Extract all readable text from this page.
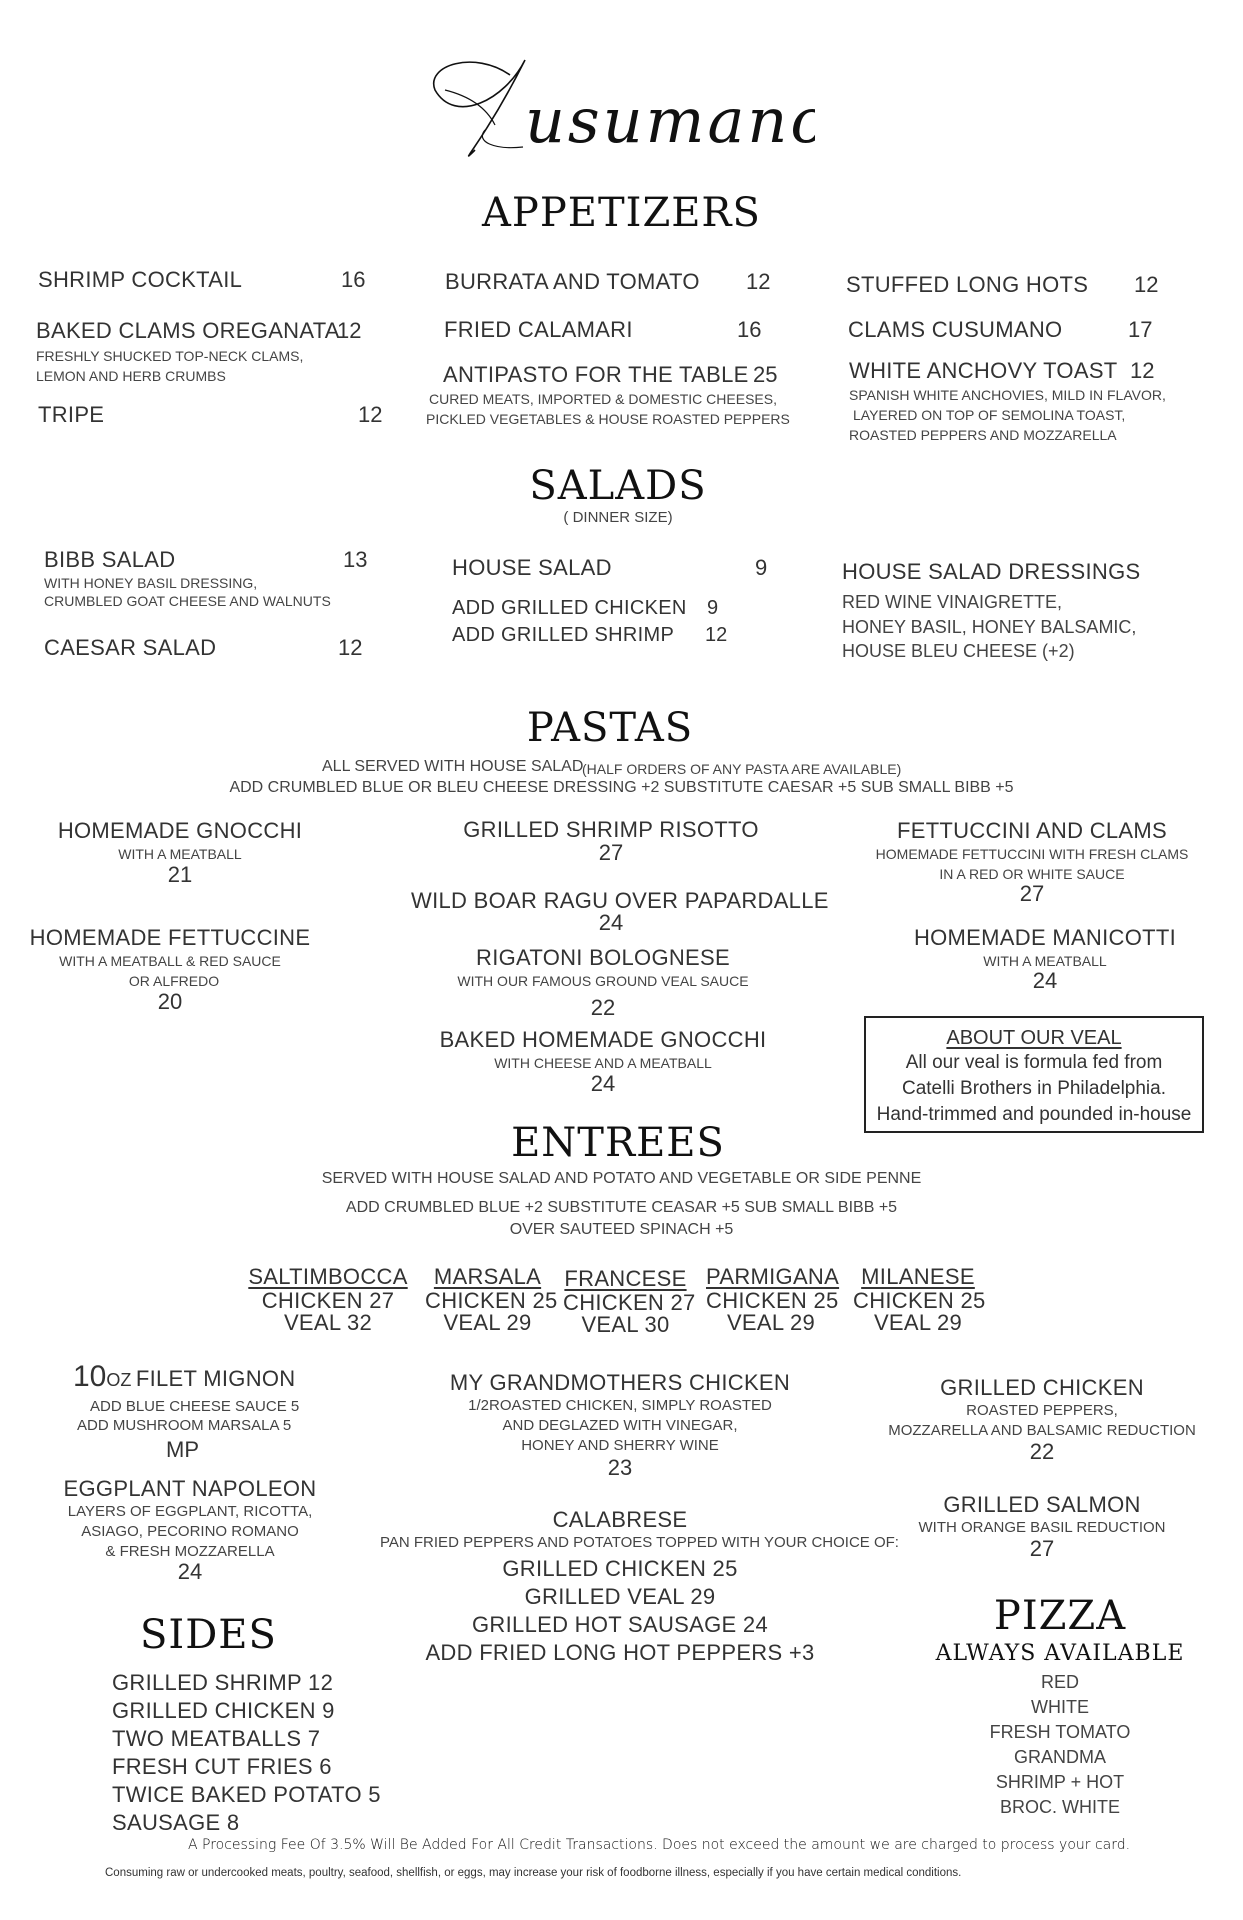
usumano
APPETIZERS
SHRIMP COCKTAIL	16
BAKED CLAMS OREGANATA
12
FRESHLY SHUCKED TOP-NECK CLAMS,
LEMON AND HERB CRUMBS
TRIPE	12
BURRATA AND TOMATO 12
FRIED CALAMARI	16
ANTIPASTO FOR THE TABLE 25
CURED MEATS, IMPORTED & DOMESTIC CHEESES,
PICKLED VEGETABLES & HOUSE ROASTED PEPPERS
STUFFED LONG HOTS 12
CLAMS CUSUMANO	17
WHITE ANCHOVY TOAST 12
SPANISH WHITE ANCHOVIES, MILD IN FLAVOR,
LAYERED ON TOP OF SEMOLINA TOAST,
ROASTED PEPPERS AND MOZZARELLA
SALADS
( DINNER SIZE)
BIBB SALAD	13
WITH HONEY BASIL DRESSING,
CRUMBLED GOAT CHEESE AND WALNUTS
CAESAR SALAD	12
HOUSE SALAD	9
ADD GRILLED CHICKEN 9
ADD GRILLED SHRIMP 12
HOUSE SALAD DRESSINGS
RED WINE VINAIGRETTE,
HONEY BASIL, HONEY BALSAMIC,
HOUSE BLEU CHEESE (+2)
PASTAS
ALL SERVED WITH HOUSE SALAD
(HALF ORDERS OF ANY PASTA ARE AVAILABLE)
ADD CRUMBLED BLUE OR BLEU CHEESE DRESSING +2 SUBSTITUTE CAESAR +5 SUB SMALL BIBB +5
HOMEMADE GNOCCHI
WITH A MEATBALL
21
HOMEMADE FETTUCCINE
WITH A MEATBALL & RED SAUCE
OR ALFREDO
20
GRILLED SHRIMP RISOTTO
27
WILD BOAR RAGU OVER PAPARDALLE
24
RIGATONI BOLOGNESE
WITH OUR FAMOUS GROUND VEAL SAUCE
22
BAKED HOMEMADE GNOCCHI
WITH CHEESE AND A MEATBALL
24
FETTUCCINI AND CLAMS
HOMEMADE FETTUCCINI WITH FRESH CLAMS
IN A RED OR WHITE SAUCE
27
HOMEMADE MANICOTTI
WITH A MEATBALL
24
ABOUT OUR VEAL
All our veal is formula fed from
Catelli Brothers in Philadelphia.
Hand-trimmed and pounded in-house
ENTREES
SERVED WITH HOUSE SALAD AND POTATO AND VEGETABLE OR SIDE PENNE
ADD CRUMBLED BLUE +2 SUBSTITUTE CEASAR +5 SUB SMALL BIBB +5
OVER SAUTEED SPINACH +5
SALTIMBOCCA
CHICKEN 27
VEAL 32
MARSALA
CHICKEN 25
VEAL 29
FRANCESE
CHICKEN 27
VEAL 30
PARMIGANA
CHICKEN 25
VEAL 29
MILANESE
CHICKEN 25
VEAL 29
10OZ FILET MIGNON
ADD BLUE CHEESE SAUCE 5
ADD MUSHROOM MARSALA 5
MP
EGGPLANT NAPOLEON
LAYERS OF EGGPLANT, RICOTTA,
ASIAGO, PECORINO ROMANO
& FRESH MOZZARELLA
24
MY GRANDMOTHERS CHICKEN
1/2ROASTED CHICKEN, SIMPLY ROASTED
AND DEGLAZED WITH VINEGAR,
HONEY AND SHERRY WINE
23
CALABRESE
PAN FRIED PEPPERS AND POTATOES TOPPED WITH YOUR CHOICE OF:
GRILLED CHICKEN 25
GRILLED VEAL 29
GRILLED HOT SAUSAGE 24
ADD FRIED LONG HOT PEPPERS +3
GRILLED CHICKEN
ROASTED PEPPERS,
MOZZARELLA AND BALSAMIC REDUCTION
22
GRILLED SALMON
WITH ORANGE BASIL REDUCTION
27
SIDES
GRILLED SHRIMP 12
GRILLED CHICKEN 9
TWO MEATBALLS 7
FRESH CUT FRIES 6
TWICE BAKED POTATO 5
SAUSAGE 8
PIZZA
ALWAYS AVAILABLE
RED
WHITE
FRESH TOMATO
GRANDMA
SHRIMP + HOT
BROC. WHITE
A Processing Fee Of 3.5% Will Be Added For All Credit Transactions. Does not exceed the amount we are charged to process your card.
Consuming raw or undercooked meats, poultry, seafood, shellfish, or eggs, may increase your risk of foodborne illness, especially if you have certain medical conditions.
